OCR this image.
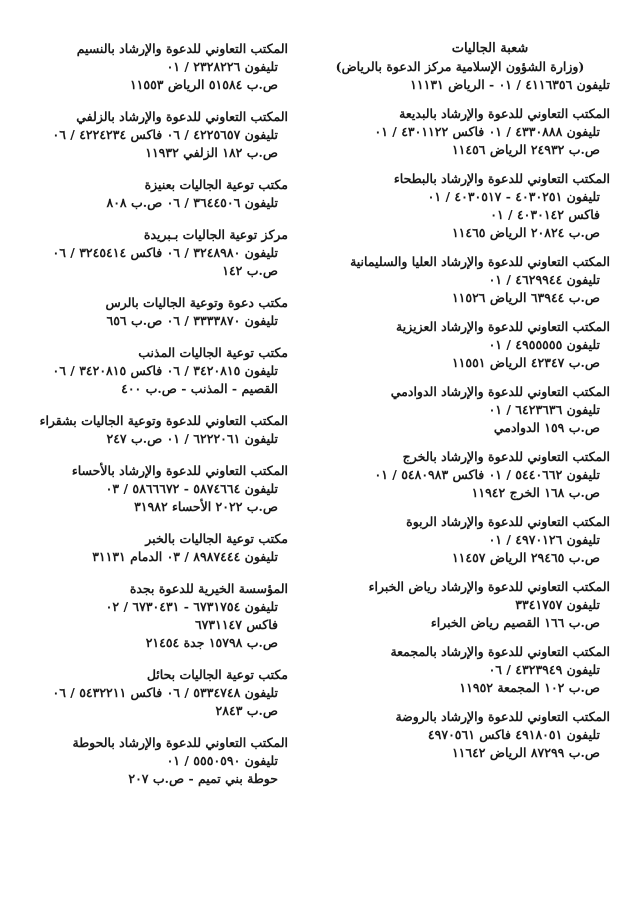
شعبة الجاليات
(وزارة الشؤون الإسلامية مركز الدعوة بالرياض)
تليفون ٤١١٦٣٥٦ / ٠١ - الرياض ١١١٣١
المكتب التعاوني للدعوة والإرشاد بالبديعة
تليفون ٤٣٣٠٨٨٨ / ٠١ فاكس ٤٣٠١١٢٢ / ٠١
ص.ب ٢٤٩٣٢ الرياض ١١٤٥٦
المكتب التعاوني للدعوة والإرشاد بالبطحاء
تليفون ٤٠٣٠٢٥١ - ٤٠٣٠٥١٧ / ٠١
فاكس ٤٠٣٠١٤٢ / ٠١
ص.ب ٢٠٨٢٤ الرياض ١١٤٦٥
المكتب التعاوني للدعوة والإرشاد العليا والسليمانية
تليفون ٤٦٢٩٩٤٤ / ٠١
ص.ب ٦٣٩٤٤ الرياض ١١٥٢٦
المكتب التعاوني للدعوة والإرشاد العزيزية
تليفون ٤٩٥٥٥٥٥ / ٠١
ص.ب ٤٢٣٤٧ الرياض ١١٥٥١
المكتب التعاوني للدعوة والإرشاد الدوادمي
تليفون ٦٤٢٣٦٣٦ / ٠١
ص.ب ١٥٩ الدوادمي
المكتب التعاوني للدعوة والإرشاد بالخرج
تليفون ٥٤٤٠٦٦٢ / ٠١ فاكس ٥٤٨٠٩٨٣ / ٠١
ص.ب ١٦٨ الخرج ١١٩٤٢
المكتب التعاوني للدعوة والإرشاد الربوة
تليفون ٤٩٧٠١٢٦ / ٠١
ص.ب ٢٩٤٦٥ الرياض ١١٤٥٧
المكتب التعاوني للدعوة والإرشاد رياض الخبراء
تليفون ٣٣٤١٧٥٧
ص.ب ١٦٦ القصيم رياض الخبراء
المكتب التعاوني للدعوة والإرشاد بالمجمعة
تليفون ٤٣٢٣٩٤٩ / ٠٦
ص.ب ١٠٢ المجمعة ١١٩٥٢
المكتب التعاوني للدعوة والإرشاد بالروضة
تليفون ٤٩١٨٠٥١ فاكس ٤٩٧٠٥٦١
ص.ب ٨٧٢٩٩ الرياض ١١٦٤٢
المكتب التعاوني للدعوة والإرشاد بالنسيم
تليفون ٢٣٢٨٢٢٦ / ٠١
ص.ب ٥١٥٨٤ الرياض ١١٥٥٣
المكتب التعاوني للدعوة والإرشاد بالزلفي
تليفون ٤٢٢٥٦٥٧ / ٠٦ فاكس ٤٢٢٤٢٣٤ / ٠٦
ص.ب ١٨٢ الزلفي ١١٩٣٢
مكتب توعية الجاليات بعنيزة
تليفون ٣٦٤٤٥٠٦ / ٠٦ ص.ب ٨٠٨
مركز توعية الجاليات بـبريدة
تليفون ٣٢٤٨٩٨٠ / ٠٦ فاكس ٣٢٤٥٤١٤ / ٠٦
ص.ب ١٤٢
مكتب دعوة وتوعية الجاليات بالرس
تليفون ٣٣٣٣٨٧٠ / ٠٦ ص.ب ٦٥٦
مكتب توعية الجاليات المذنب
تليفون ٣٤٢٠٨١٥ / ٠٦ فاكس ٣٤٢٠٨١٥ / ٠٦
القصيم - المذنب - ص.ب ٤٠٠
المكتب التعاوني للدعوة وتوعية الجاليات بشقراء
تليفون ٦٢٢٢٠٦١ / ٠١ ص.ب ٢٤٧
المكتب التعاوني للدعوة والإرشاد بالأحساء
تليفون ٥٨٧٤٦٦٤ - ٥٨٦٦٦٧٢ / ٠٣
ص.ب ٢٠٢٢ الأحساء ٣١٩٨٢
مكتب توعية الجاليات بالخبر
تليفون ٨٩٨٧٤٤٤ / ٠٣ الدمام ٣١١٣١
المؤسسة الخيرية للدعوة بجدة
تليفون ٦٧٣١٧٥٤ - ٦٧٣٠٤٣١ / ٠٢
فاكس ٦٧٣١١٤٧
ص.ب ١٥٧٩٨ جدة ٢١٤٥٤
مكتب توعية الجاليات بحائل
تليفون ٥٣٣٤٧٤٨ / ٠٦ فاكس ٥٤٣٢٢١١ / ٠٦
ص.ب ٢٨٤٣
المكتب التعاوني للدعوة والإرشاد بالحوطة
تليفون ٥٥٥٠٥٩٠ / ٠١
حوطة بني تميم - ص.ب ٢٠٧
